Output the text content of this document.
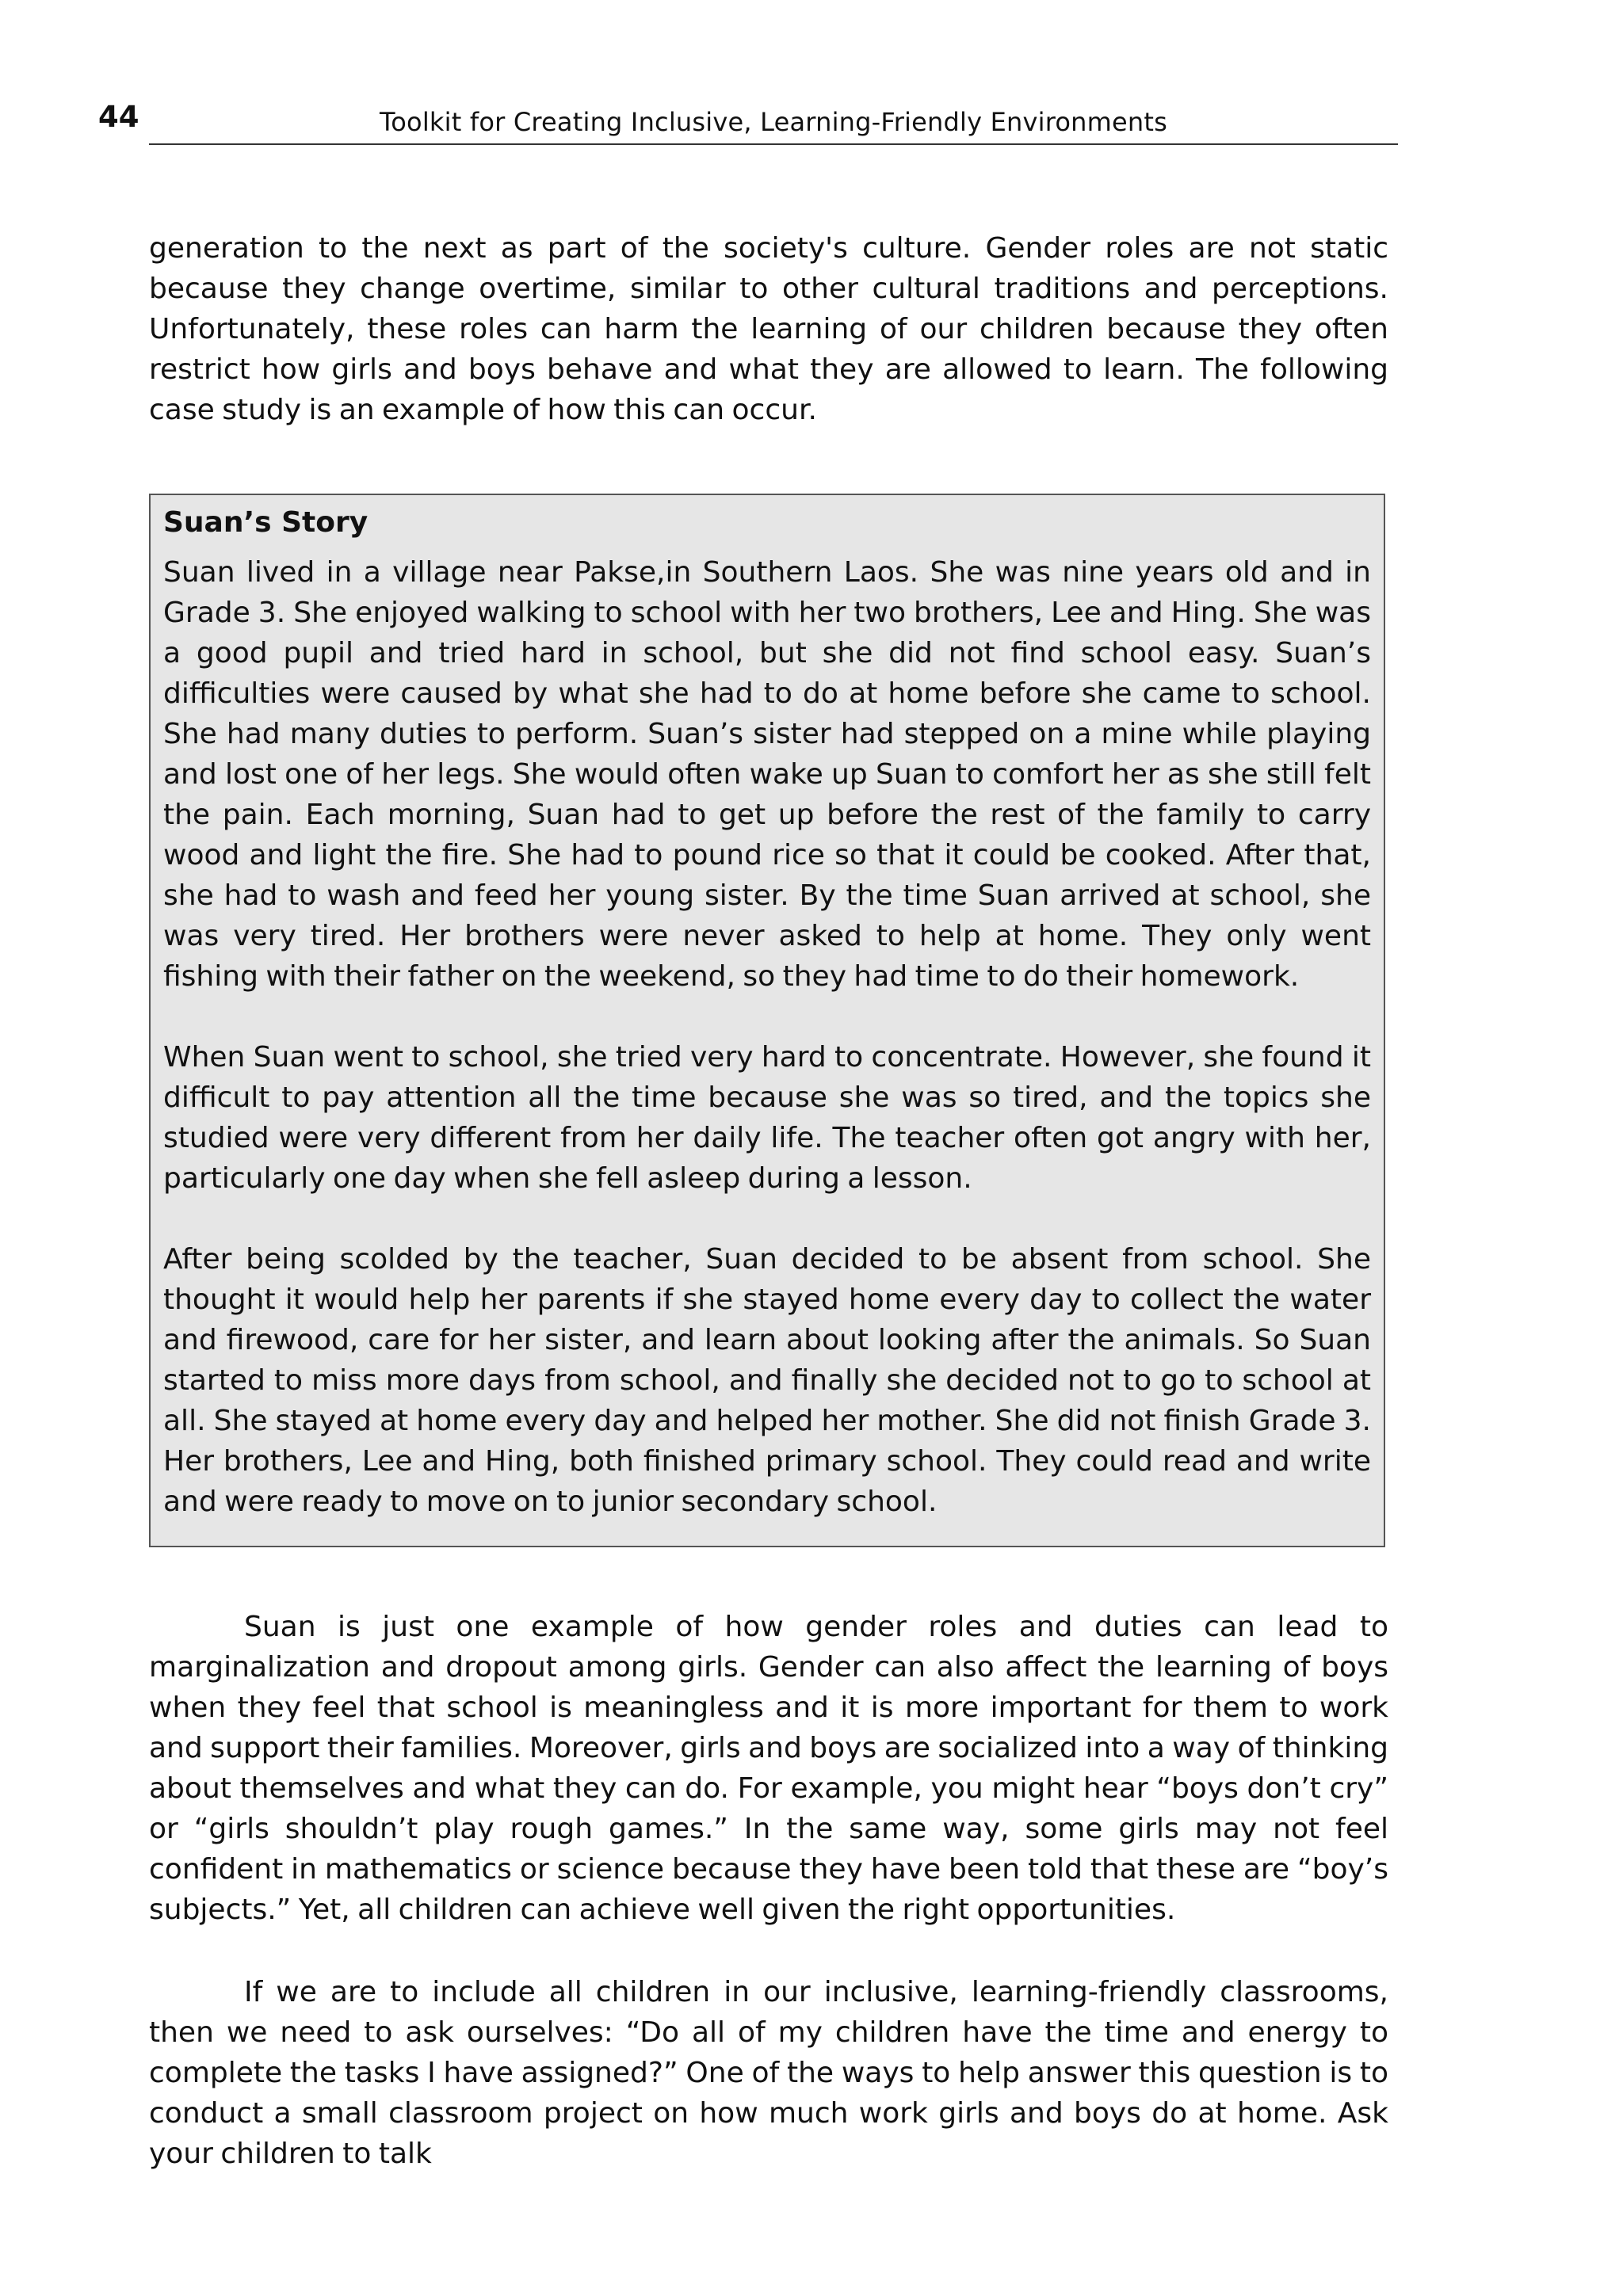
44	Toolkit for Creating Inclusive, Learning-Friendly Environments

generation to the next as part of the society's culture. Gender roles are not static because they change overtime, similar to other cultural traditions and perceptions. Unfortunately, these roles can harm the learning of our children because they often restrict how girls and boys behave and what they are allowed to learn. The following case study is an example of how this can occur.

Suan’s Story

Suan lived in a village near Pakse,in Southern Laos. She was nine years old and in Grade 3. She enjoyed walking to school with her two brothers, Lee and Hing. She was a good pupil and tried hard in school, but she did not find school easy. Suan’s difficulties were caused by what she had to do at home before she came to school. She had many duties to perform. Suan’s sister had stepped on a mine while playing and lost one of her legs. She would often wake up Suan to comfort her as she still felt the pain. Each morning, Suan had to get up before the rest of the family to carry wood and light the fire. She had to pound rice so that it could be cooked. After that, she had to wash and feed her young sister. By the time Suan arrived at school, she was very tired. Her brothers were never asked to help at home. They only went fishing with their father on the weekend, so they had time to do their homework.

When Suan went to school, she tried very hard to concentrate. However, she found it difficult to pay attention all the time because she was so tired, and the topics she studied were very different from her daily life. The teacher often got angry with her, particularly one day when she fell asleep during a lesson.

After being scolded by the teacher, Suan decided to be absent from school. She thought it would help her parents if she stayed home every day to collect the water and firewood, care for her sister, and learn about looking after the animals. So Suan started to miss more days from school, and finally she decided not to go to school at all. She stayed at home every day and helped her mother. She did not finish Grade 3. Her brothers, Lee and Hing, both finished primary school. They could read and write and were ready to move on to junior secondary school.

Suan is just one example of how gender roles and duties can lead to marginalization and dropout among girls. Gender can also affect the learning of boys when they feel that school is meaningless and it is more important for them to work and support their families. Moreover, girls and boys are socialized into a way of thinking about themselves and what they can do. For example, you might hear “boys don’t cry” or “girls shouldn’t play rough games.” In the same way, some girls may not feel confident in mathematics or science because they have been told that these are “boy’s subjects.” Yet, all children can achieve well given the right opportunities.

If we are to include all children in our inclusive, learning-friendly classrooms, then we need to ask ourselves: “Do all of my children have the time and energy to complete the tasks I have assigned?” One of the ways to help answer this question is to conduct a small classroom project on how much work girls and boys do at home. Ask your children to talk
